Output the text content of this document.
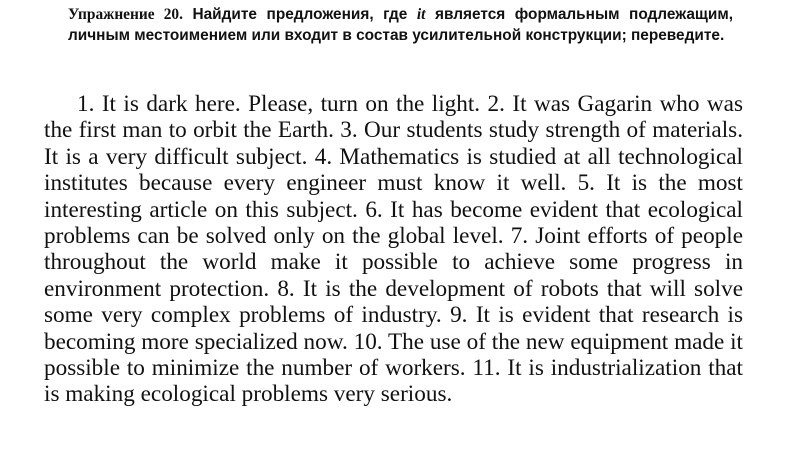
Упражнение 20. Найдите предложения, где it является формальным подлежащим, личным местоимением или входит в состав усилительной конструкции; переведите.

1. It is dark here. Please, turn on the light. 2. It was Gagarin who was the first man to orbit the Earth. 3. Our students study strength of materials. It is a very difficult subject. 4. Mathematics is studied at all technological institutes because every engineer must know it well. 5. It is the most interesting article on this subject. 6. It has become evident that ecological problems can be solved only on the global level. 7. Joint efforts of people throughout the world make it possible to achieve some progress in environment protection. 8. It is the development of robots that will solve some very complex problems of industry. 9. It is evident that research is becoming more specialized now. 10. The use of the new equipment made it possible to minimize the number of workers. 11. It is industrialization that is making ecological problems very serious.
